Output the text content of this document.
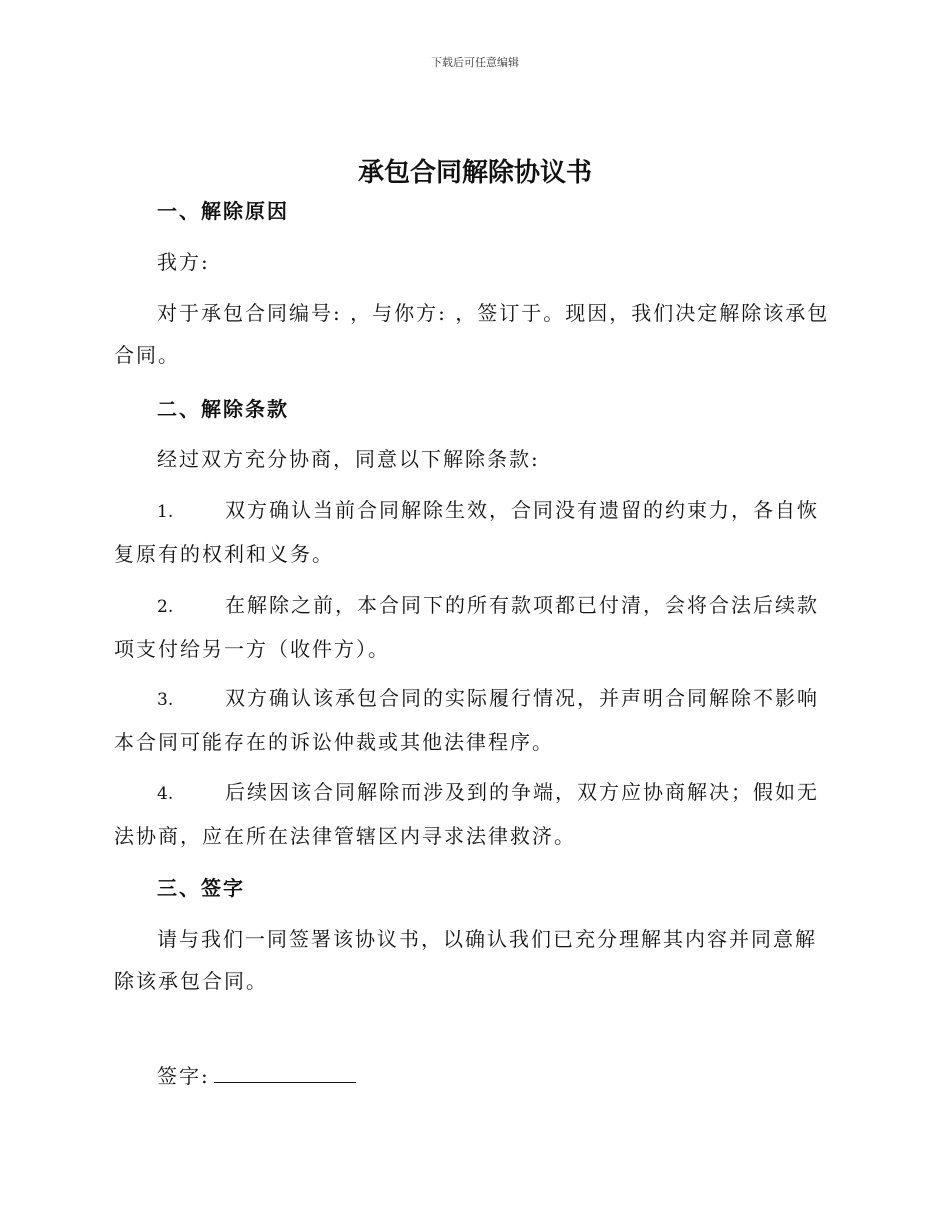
下载后可任意编辑
承包合同解除协议书
一、解除原因
我方:
对于承包合同编号: ，与你方: ，签订于。现因，我们决定解除该承包合同。
二、解除条款
经过双方充分协商，同意以下解除条款:
1.	双方确认当前合同解除生效，合同没有遗留的约束力，各自恢复原有的权利和义务。
2.	在解除之前，本合同下的所有款项都已付清，会将合法后续款项支付给另一方（收件方）。
3.	双方确认该承包合同的实际履行情况，并声明合同解除不影响本合同可能存在的诉讼仲裁或其他法律程序。
4.	后续因该合同解除而涉及到的争端，双方应协商解决；假如无法协商，应在所在法律管辖区内寻求法律救济。
三、签字
请与我们一同签署该协议书，以确认我们已充分理解其内容并同意解除该承包合同。
签字:
